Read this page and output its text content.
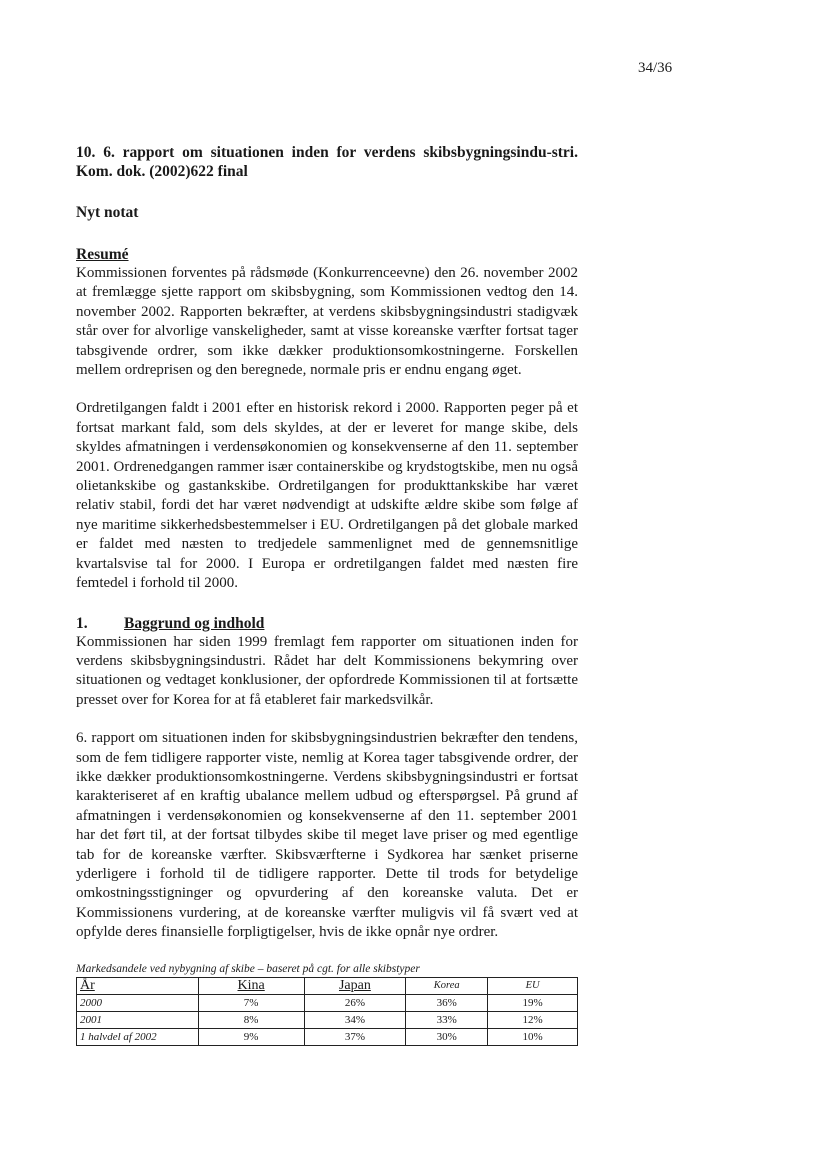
34/36

10. 6. rapport om situationen inden for verdens skibsbygningsindu-stri. Kom. dok. (2002)622 final

Nyt notat

Resumé

Kommissionen forventes på rådsmøde (Konkurrenceevne) den 26. november 2002 at fremlægge sjette rapport om skibsbygning, som Kommissionen vedtog den 14. november 2002. Rapporten bekræfter, at verdens skibsbygningsindustri stadigvæk står over for alvorlige vanskeligheder, samt at visse koreanske værfter fortsat tager tabsgivende ordrer, som ikke dækker produktionsomkostningerne. Forskellen mellem ordreprisen og den beregnede, normale pris er endnu engang øget.

Ordretilgangen faldt i 2001 efter en historisk rekord i 2000. Rapporten peger på et fortsat markant fald, som dels skyldes, at der er leveret for mange skibe, dels skyldes afmatningen i verdensøkonomien og konsekvenserne af den 11. september 2001. Ordrenedgangen rammer især containerskibe og krydstogtskibe, men nu også olietankskibe og gastankskibe. Ordretilgangen for produkttankskibe har været relativ stabil, fordi det har været nødvendigt at udskifte ældre skibe som følge af nye maritime sikkerhedsbestemmelser i EU. Ordretilgangen på det globale marked er faldet med næsten to tredjedele sammenlignet med de gennemsnitlige kvartalsvise tal for 2000. I Europa er ordretilgangen faldet med næsten fire femtedel i forhold til 2000.

1. Baggrund og indhold

Kommissionen har siden 1999 fremlagt fem rapporter om situationen inden for verdens skibsbygningsindustri. Rådet har delt Kommissionens bekymring over situationen og vedtaget konklusioner, der opfordrede Kommissionen til at fortsætte presset over for Korea for at få etableret fair markedsvilkår.

6. rapport om situationen inden for skibsbygningsindustrien bekræfter den tendens, som de fem tidligere rapporter viste, nemlig at Korea tager tabsgivende ordrer, der ikke dækker produktionsomkostningerne. Verdens skibsbygningsindustri er fortsat karakteriseret af en kraftig ubalance mellem udbud og efterspørgsel. På grund af afmatningen i verdensøkonomien og konsekvenserne af den 11. september 2001 har det ført til, at der fortsat tilbydes skibe til meget lave priser og med egentlige tab for de koreanske værfter. Skibsværfterne i Sydkorea har sænket priserne yderligere i forhold til de tidligere rapporter. Dette til trods for betydelige omkostningsstigninger og opvurdering af den koreanske valuta. Det er Kommissionens vurdering, at de koreanske værfter muligvis vil få svært ved at opfylde deres finansielle forpligtigelser, hvis de ikke opnår nye ordrer.

Markedsandele ved nybygning af skibe – baseret på cgt. for alle skibstyper
År	Kina	Japan	Korea	EU
2000	7%	26%	36%	19%
2001	8%	34%	33%	12%
1 halvdel af 2002	9%	37%	30%	10%
